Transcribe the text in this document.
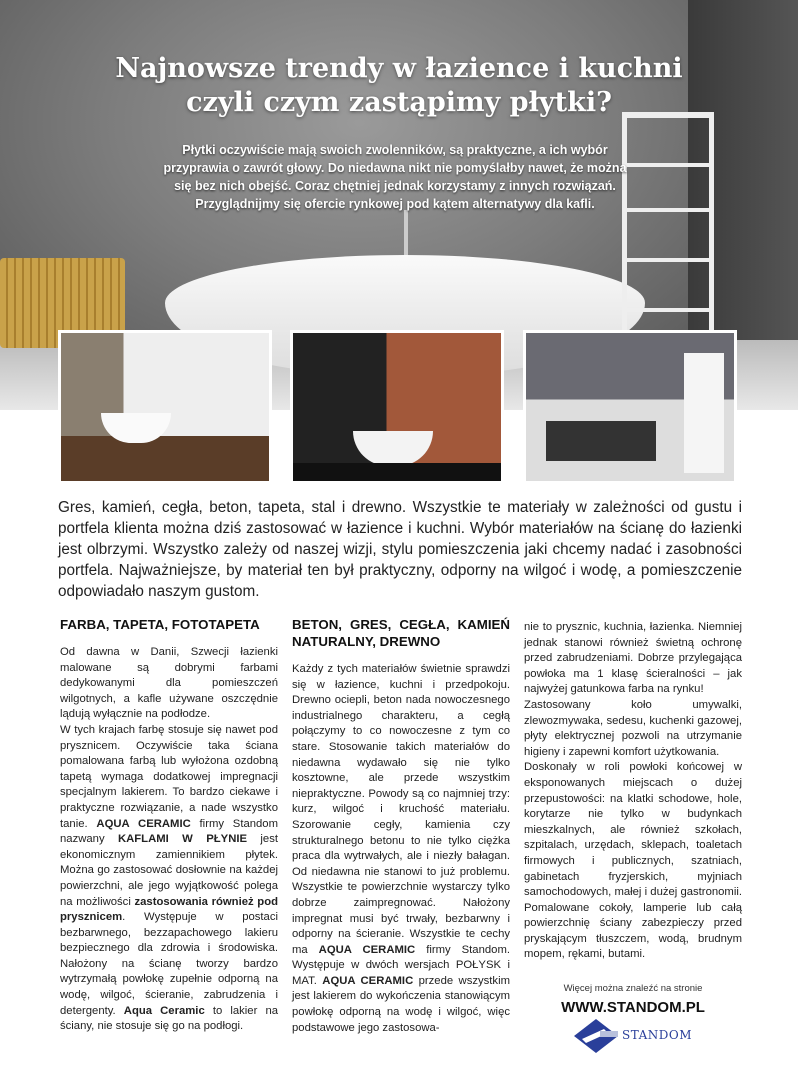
Najnowsze trendy w łazience i kuchni
czyli czym zastąpimy płytki?

Płytki oczywiście mają swoich zwolenników, są praktyczne, a ich wybór przyprawia o zawrót głowy. Do niedawna nikt nie pomyślałby nawet, że można się bez nich obejść. Coraz chętniej jednak korzystamy z innych rozwiązań. Przyglądnijmy się ofercie rynkowej pod kątem alternatywy dla kafli.

Gres, kamień, cegła, beton, tapeta, stal i drewno. Wszystkie te materiały w zależności od gustu i portfela klienta można dziś zastosować w łazience i kuchni. Wybór materiałów na ścianę do łazienki jest olbrzymi. Wszystko zależy od naszej wizji, stylu pomieszczenia jaki chcemy nadać i zasobności portfela. Najważniejsze, by materiał ten był praktyczny, odporny na wilgoć i wodę, a pomieszczenie odpowiadało naszym gustom.

FARBA, TAPETA, FOTOTAPETA

Od dawna w Danii, Szwecji łazienki malowane są dobrymi farbami dedykowanymi dla pomieszczeń wilgotnych, a kafle używane oszczędnie lądują wyłącznie na podłodze.

W tych krajach farbę stosuje się nawet pod prysznicem. Oczywiście taka ściana pomalowana farbą lub wyłożona ozdobną tapetą wymaga dodatkowej impregnacji specjalnym lakierem. To bardzo ciekawe i praktyczne rozwiązanie, a nade wszystko tanie. AQUA CERAMIC firmy Standom nazwany KAFLAMI W PŁYNIE jest ekonomicznym zamiennikiem płytek. Można go zastosować dosłownie na każdej powierzchni, ale jego wyjątkowość polega na możliwości zastosowania również pod prysznicem. Występuje w postaci bezbarwnego, bezzapachowego lakieru bezpiecznego dla zdrowia i środowiska. Nałożony na ścianę tworzy bardzo wytrzymałą powłokę zupełnie odporną na wodę, wilgoć, ścieranie, zabrudzenia i detergenty. Aqua Ceramic to lakier na ściany, nie stosuje się go na podłogi.

BETON, GRES, CEGŁA, KAMIEŃ NATURALNY, DREWNO

Każdy z tych materiałów świetnie sprawdzi się w łazience, kuchni i przedpokoju. Drewno ociepli, beton nada nowoczesnego industrialnego charakteru, a cegłą połączymy to co nowoczesne z tym co stare. Stosowanie takich materiałów do niedawna wydawało się nie tylko kosztowne, ale przede wszystkim niepraktyczne. Powody są co najmniej trzy: kurz, wilgoć i kruchość materiału. Szorowanie cegły, kamienia czy strukturalnego betonu to nie tylko ciężka praca dla wytrwałych, ale i niezły bałagan. Od niedawna nie stanowi to już problemu. Wszystkie te powierzchnie wystarczy tylko dobrze zaimpregnować. Nałożony impregnat musi być trwały, bezbarwny i odporny na ścieranie. Wszystkie te cechy ma AQUA CERAMIC firmy Standom. Występuje w dwóch wersjach POŁYSK i MAT. AQUA CERAMIC przede wszystkim jest lakierem do wykończenia stanowiącym powłokę odporną na wodę i wilgoć, więc podstawowe jego zastosowa-

nie to prysznic, kuchnia, łazienka. Niemniej jednak stanowi również świetną ochronę przed zabrudzeniami. Dobrze przylegająca powłoka ma 1 klasę ścieralności – jak najwyżej gatunkowa farba na rynku!

Zastosowany koło umywalki, zlewozmywaka, sedesu, kuchenki gazowej, płyty elektrycznej pozwoli na utrzymanie higieny i zapewni komfort użytkowania.

Doskonały w roli powłoki końcowej w eksponowanych miejscach o dużej przepustowości: na klatki schodowe, hole, korytarze nie tylko w budynkach mieszkalnych, ale również szkołach, szpitalach, urzędach, sklepach, toaletach firmowych i publicznych, szatniach, gabinetach fryzjerskich, myjniach samochodowych, małej i dużej gastronomii. Pomalowane cokoły, lamperie lub całą powierzchnię ściany zabezpieczy przed pryskającym tłuszczem, wodą, brudnym mopem, rękami, butami.

Więcej można znaleźć na stronie
WWW.STANDOM.PL
STANDOM
